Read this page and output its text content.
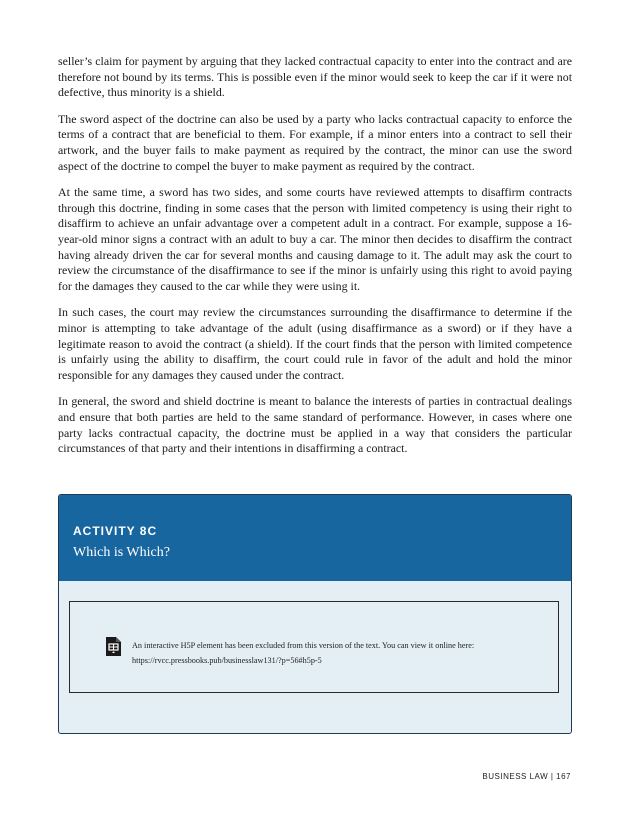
seller’s claim for payment by arguing that they lacked contractual capacity to enter into the contract and are therefore not bound by its terms. This is possible even if the minor would seek to keep the car if it were not defective, thus minority is a shield.

The sword aspect of the doctrine can also be used by a party who lacks contractual capacity to enforce the terms of a contract that are beneficial to them. For example, if a minor enters into a contract to sell their artwork, and the buyer fails to make payment as required by the contract, the minor can use the sword aspect of the doctrine to compel the buyer to make payment as required by the contract.

At the same time, a sword has two sides, and some courts have reviewed attempts to disaffirm contracts through this doctrine, finding in some cases that the person with limited competency is using their right to disaffirm to achieve an unfair advantage over a competent adult in a contract. For example, suppose a 16-year-old minor signs a contract with an adult to buy a car. The minor then decides to disaffirm the contract having already driven the car for several months and causing damage to it. The adult may ask the court to review the circumstance of the disaffirmance to see if the minor is unfairly using this right to avoid paying for the damages they caused to the car while they were using it.

In such cases, the court may review the circumstances surrounding the disaffirmance to determine if the minor is attempting to take advantage of the adult (using disaffirmance as a sword) or if they have a legitimate reason to avoid the contract (a shield). If the court finds that the person with limited competence is unfairly using the ability to disaffirm, the court could rule in favor of the adult and hold the minor responsible for any damages they caused under the contract.

In general, the sword and shield doctrine is meant to balance the interests of parties in contractual dealings and ensure that both parties are held to the same standard of performance. However, in cases where one party lacks contractual capacity, the doctrine must be applied in a way that considers the particular circumstances of that party and their intentions in disaffirming a contract.

ACTIVITY 8C
Which is Which?
An interactive H5P element has been excluded from this version of the text. You can view it online here:
https://rvcc.pressbooks.pub/businesslaw131/?p=56#h5p-5
BUSINESS LAW | 167
